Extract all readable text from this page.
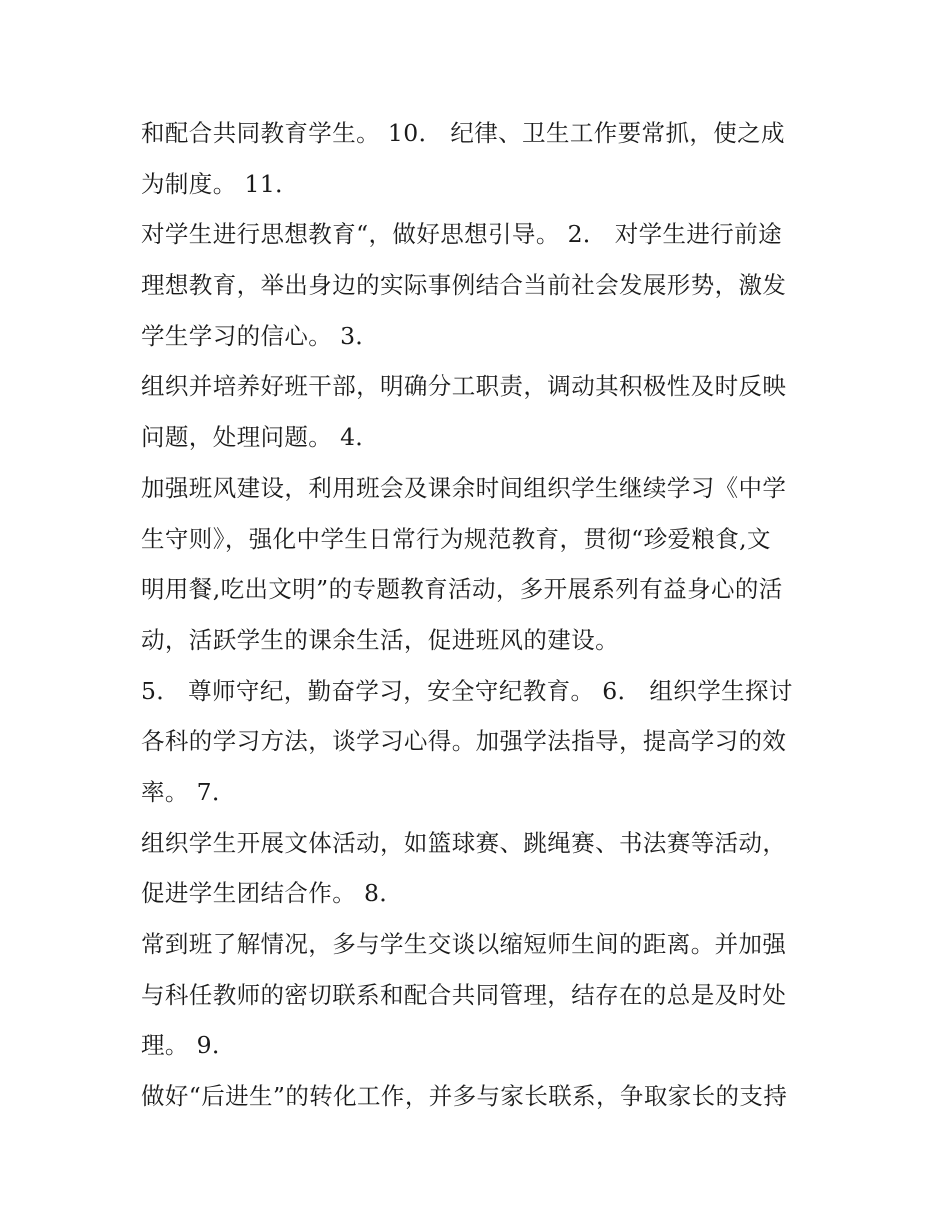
和配合共同教育学生。 10． 纪律、卫生工作要常抓，使之成
为制度。 11．
对学生进行思想教育“，做好思想引导。 2． 对学生进行前途
理想教育，举出身边的实际事例结合当前社会发展形势，激发
学生学习的信心。 3．
组织并培养好班干部，明确分工职责，调动其积极性及时反映
问题，处理问题。 4．
加强班风建设，利用班会及课余时间组织学生继续学习《中学
生守则》，强化中学生日常行为规范教育，贯彻“珍爱粮食,文
明用餐,吃出文明”的专题教育活动，多开展系列有益身心的活
动，活跃学生的课余生活，促进班风的建设。
5． 尊师守纪，勤奋学习，安全守纪教育。 6． 组织学生探讨
各科的学习方法，谈学习心得。加强学法指导，提高学习的效
率。 7．
组织学生开展文体活动，如篮球赛、跳绳赛、书法赛等活动，
促进学生团结合作。 8．
常到班了解情况，多与学生交谈以缩短师生间的距离。并加强
与科任教师的密切联系和配合共同管理，结存在的总是及时处
理。 9．
做好“后进生”的转化工作，并多与家长联系，争取家长的支持
